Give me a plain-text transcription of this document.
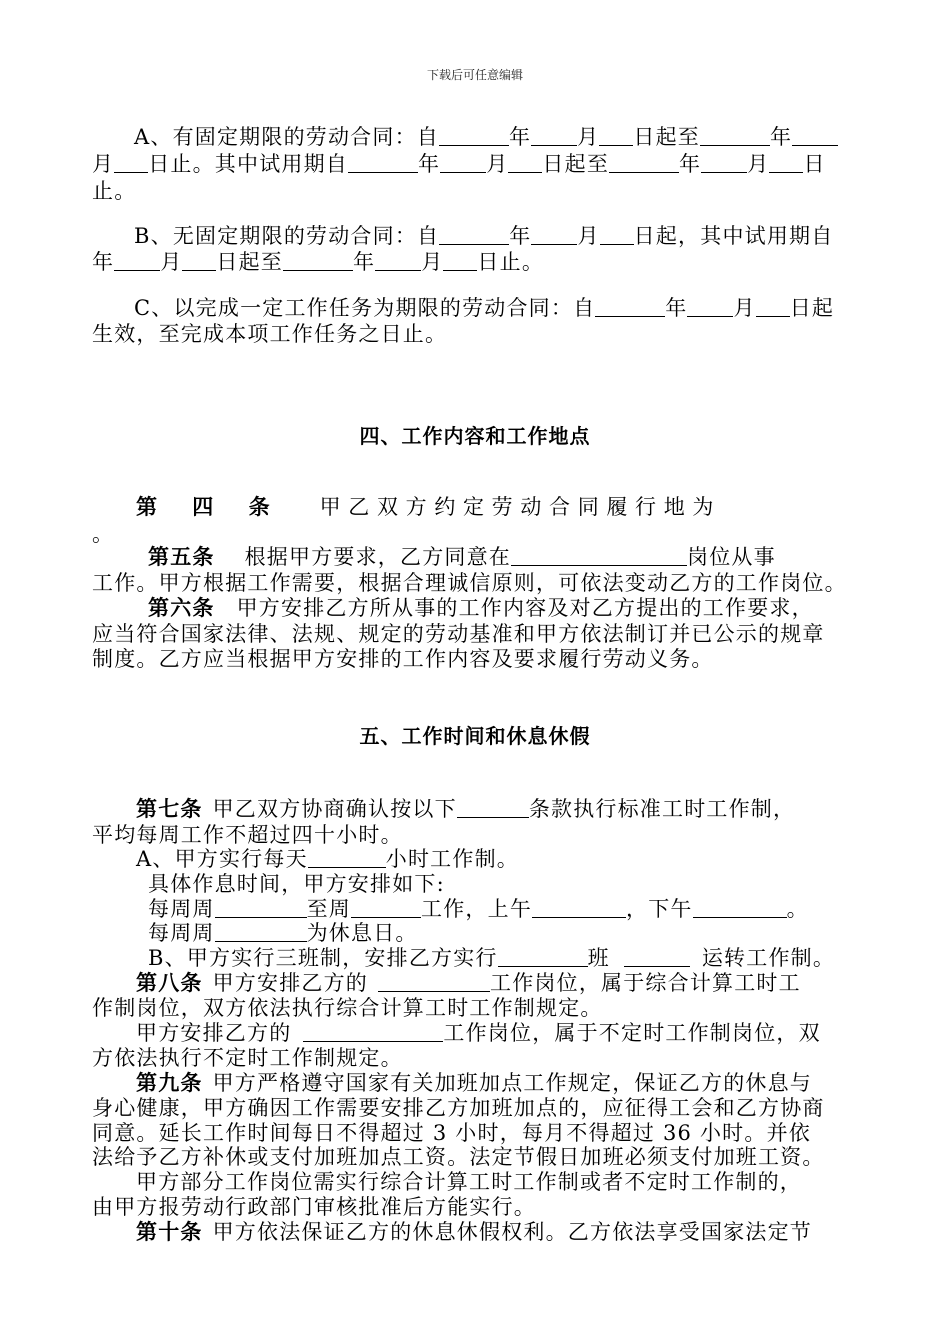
下载后可任意编辑
A、有固定期限的劳动合同：自	年 月 日起至	年
月 日止。其中试用期自	年 月 日起至	年 月 日
止。
B、无固定期限的劳动合同：自	年 月 日起，其中试用期自
年 月 日起至	年 月 日止。
C、以完成一定工作任务为期限的劳动合同：自	年 月 日起
生效，至完成本项工作任务之日止。
四、工作内容和工作地点
第 四 条 甲 乙 双 方 约 定 劳 动 合 同 履 行 地 为
。
第五条 根据甲方要求，乙方同意在	岗位从事
工作。甲方根据工作需要，根据合理诚信原则，可依法变动乙方的工作岗位。
第六条 甲方安排乙方所从事的工作内容及对乙方提出的工作要求，
应当符合国家法律、法规、规定的劳动基准和甲方依法制订并已公示的规章
制度。乙方应当根据甲方安排的工作内容及要求履行劳动义务。
五、工作时间和休息休假
第七条 甲乙双方协商确认按以下	条款执行标准工时工作制，
平均每周工作不超过四十小时。
A、甲方实行每天	小时工作制。
具体作息时间，甲方安排如下:
每周周	至周	工作，上午	，下午	。
每周周	为休息日。
B、甲方实行三班制，安排乙方实行	班	运转工作制。
第八条 甲方安排乙方的	工作岗位，属于综合计算工时工
作制岗位，双方依法执行综合计算工时工作制规定。
甲方安排乙方的	工作岗位，属于不定时工作制岗位，双
方依法执行不定时工作制规定。
第九条 甲方严格遵守国家有关加班加点工作规定，保证乙方的休息与
身心健康，甲方确因工作需要安排乙方加班加点的，应征得工会和乙方协商
同意。延长工作时间每日不得超过 3 小时，每月不得超过 36 小时。并依
法给予乙方补休或支付加班加点工资。法定节假日加班必须支付加班工资。
甲方部分工作岗位需实行综合计算工时工作制或者不定时工作制的，
由甲方报劳动行政部门审核批准后方能实行。
第十条 甲方依法保证乙方的休息休假权利。乙方依法享受国家法定节
